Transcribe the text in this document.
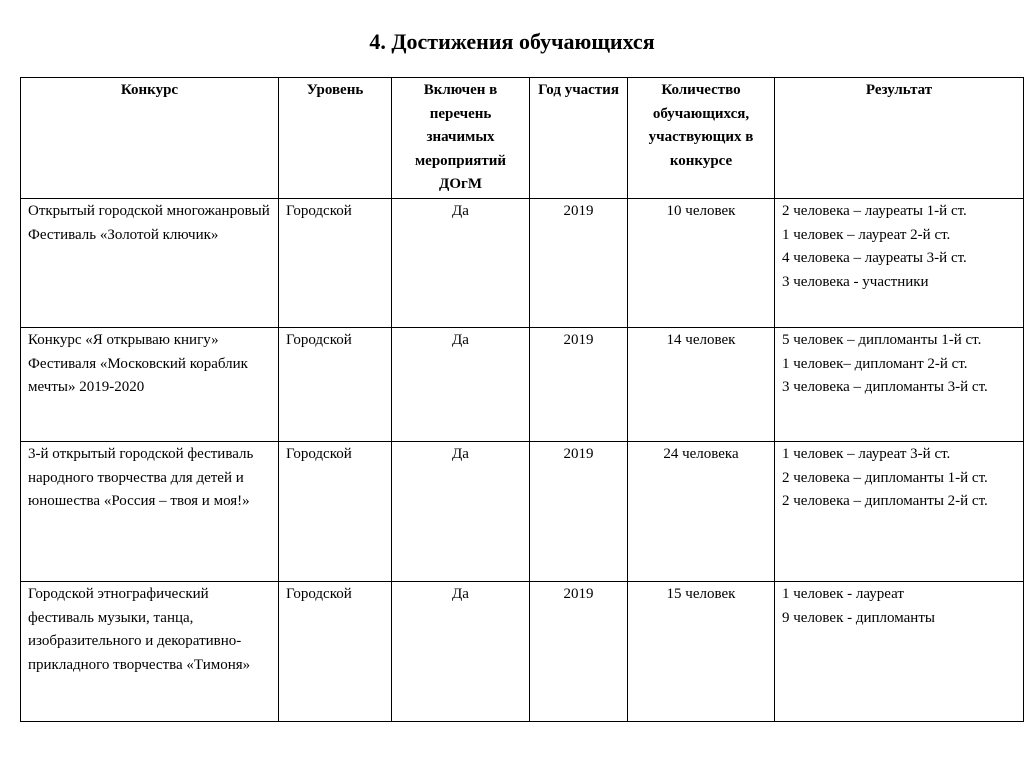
4. Достижения обучающихся
Конкурс	Уровень	Включен в перечень значимых мероприятий ДОгМ	Год участия	Количество обучающихся, участвующих в конкурсе	Результат
Открытый городской многожанровый Фестиваль «Золотой ключик»	Городской	Да	2019	10 человек	2 человека – лауреаты 1-й ст.
1 человек – лауреат 2-й ст.
4 человека – лауреаты 3-й ст.
3 человека - участники

Конкурс «Я открываю книгу» Фестиваля «Московский кораблик мечты» 2019-2020	Городской	Да	2019	14 человек	5 человек – дипломанты 1-й ст.
1 человек– дипломант 2-й ст.
3 человека – дипломанты 3-й ст.

3-й открытый городской фестиваль народного творчества для детей и юношества «Россия – твоя и моя!»	Городской	Да	2019	24 человека	1 человек – лауреат 3-й ст.
2 человека – дипломанты 1-й ст.
2 человека – дипломанты 2-й ст.

Городской этнографический фестиваль музыки, танца, изобразительного и декоративно-прикладного творчества «Тимоня»	Городской	Да	2019	15 человек	1 человек - лауреат
9 человек - дипломанты
